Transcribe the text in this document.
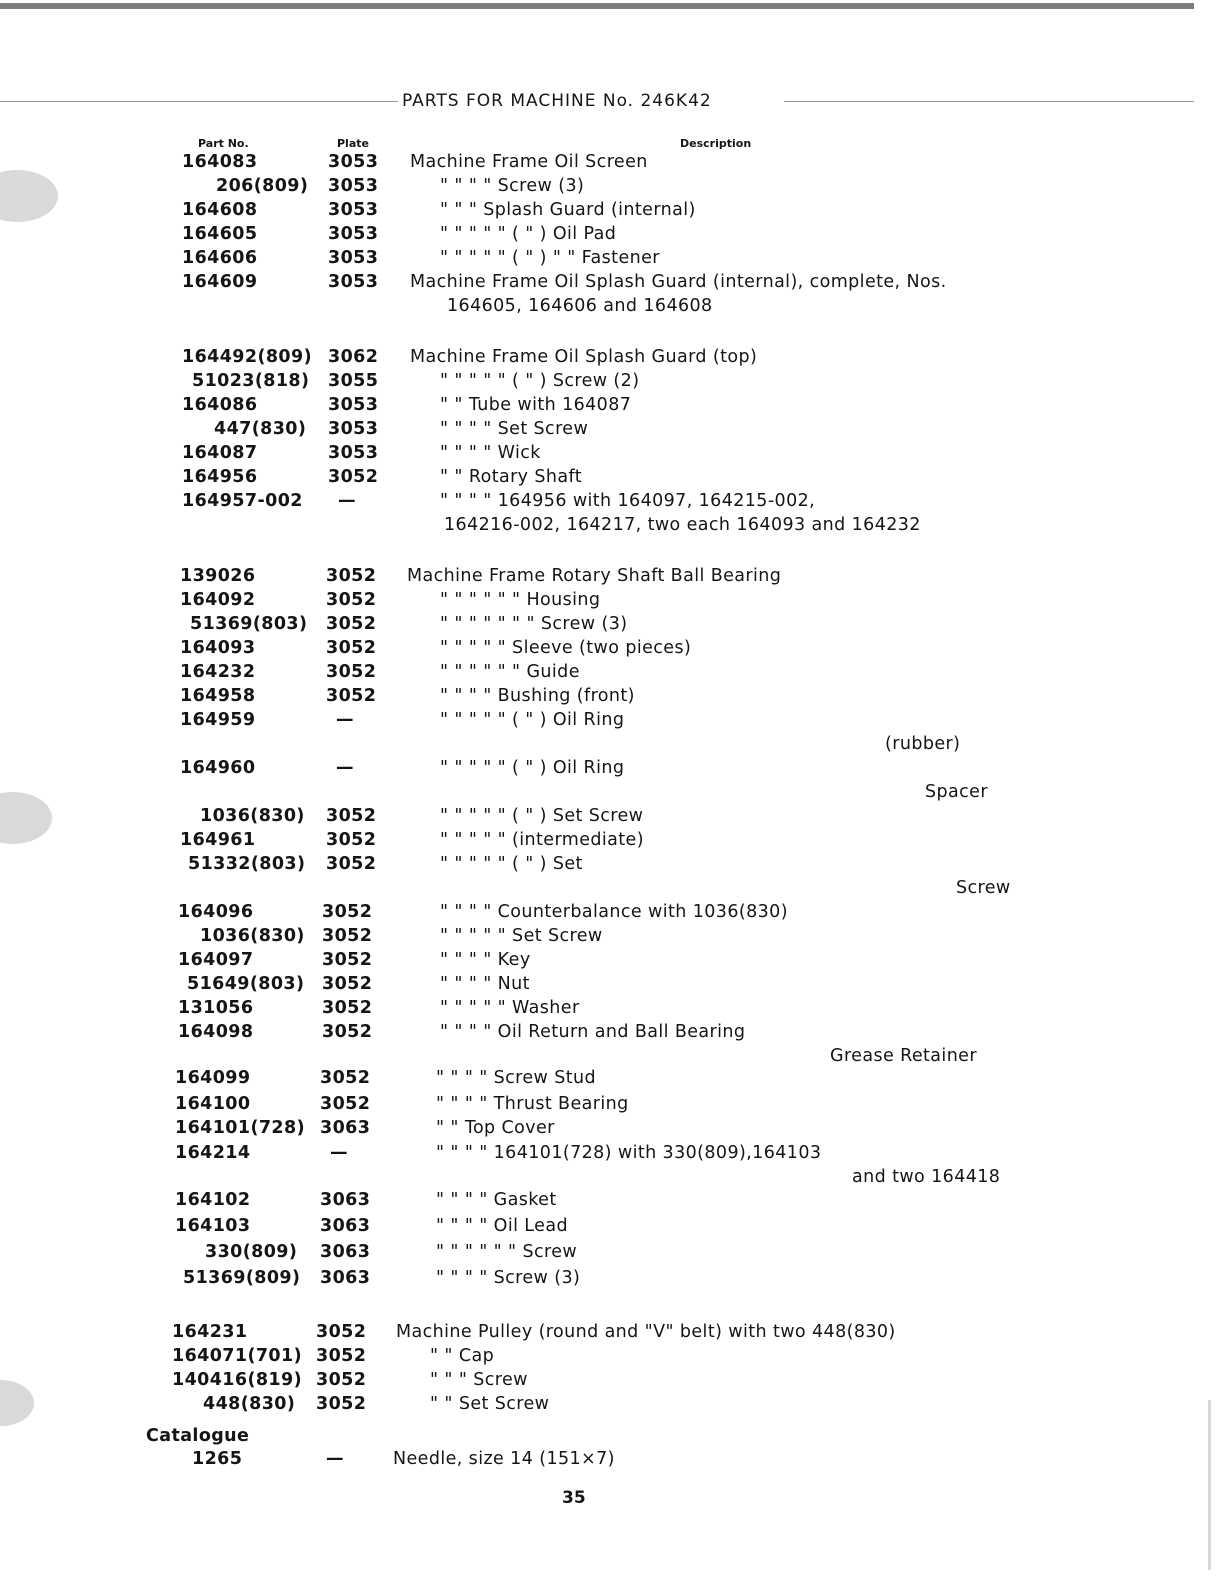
PARTS FOR MACHINE No. 246K42
Part No.	Plate	Description
164083	3053 Machine Frame Oil Screen
206(809) 3053	" " " " Screw (3)
164608	3053	" " " Splash Guard (internal)
164605	3053	" " " " " ( " ) Oil Pad
164606	3053	" " " " " ( " ) " " Fastener
164609	3053 Machine Frame Oil Splash Guard (internal), complete, Nos.
164605, 164606 and 164608
164492(809) 3062 Machine Frame Oil Splash Guard (top)
51023(818) 3055	" " " " " ( " ) Screw (2)
164086	3053	" " Tube with 164087
447(830) 3053	" " " " Set Screw
164087	3053	" " " " Wick
164956	3052	" " Rotary Shaft
164957-002 —	" " " " 164956 with 164097, 164215-002,
164216-002, 164217, two each 164093 and 164232
139026	3052 Machine Frame Rotary Shaft Ball Bearing
164092	3052	" " " " " " Housing
51369(803) 3052	" " " " " " " Screw (3)
164093	3052	" " " " " Sleeve (two pieces)
164232	3052	" " " " " " Guide
164958	3052	" " " " Bushing (front)
164959	—	" " " " " ( " ) Oil Ring
(rubber)
164960	—	" " " " " ( " ) Oil Ring
Spacer
1036(830) 3052	" " " " " ( " ) Set Screw
164961	3052	" " " " " (intermediate)
51332(803) 3052	" " " " " ( " ) Set
Screw
164096	3052	" " " " Counterbalance with 1036(830)
1036(830) 3052	" " " " " Set Screw
164097	3052	" " " " Key
51649(803) 3052	" " " " Nut
131056	3052	" " " " " Washer
164098	3052	" " " " Oil Return and Ball Bearing
Grease Retainer
164099	3052	" " " " Screw Stud
164100	3052	" " " " Thrust Bearing
164101(728) 3063	" " Top Cover
164214	—	" " " " 164101(728) with 330(809),164103
and two 164418
164102	3063	" " " " Gasket
164103	3063	" " " " Oil Lead
330(809) 3063	" " " " " " Screw
51369(809) 3063	" " " " Screw (3)
164231	3052 Machine Pulley (round and "V" belt) with two 448(830)
164071(701) 3052	" " Cap
140416(819) 3052	" " " Screw
448(830) 3052	" " Set Screw
Catalogue
1265	—	Needle, size 14 (151×7)
35
